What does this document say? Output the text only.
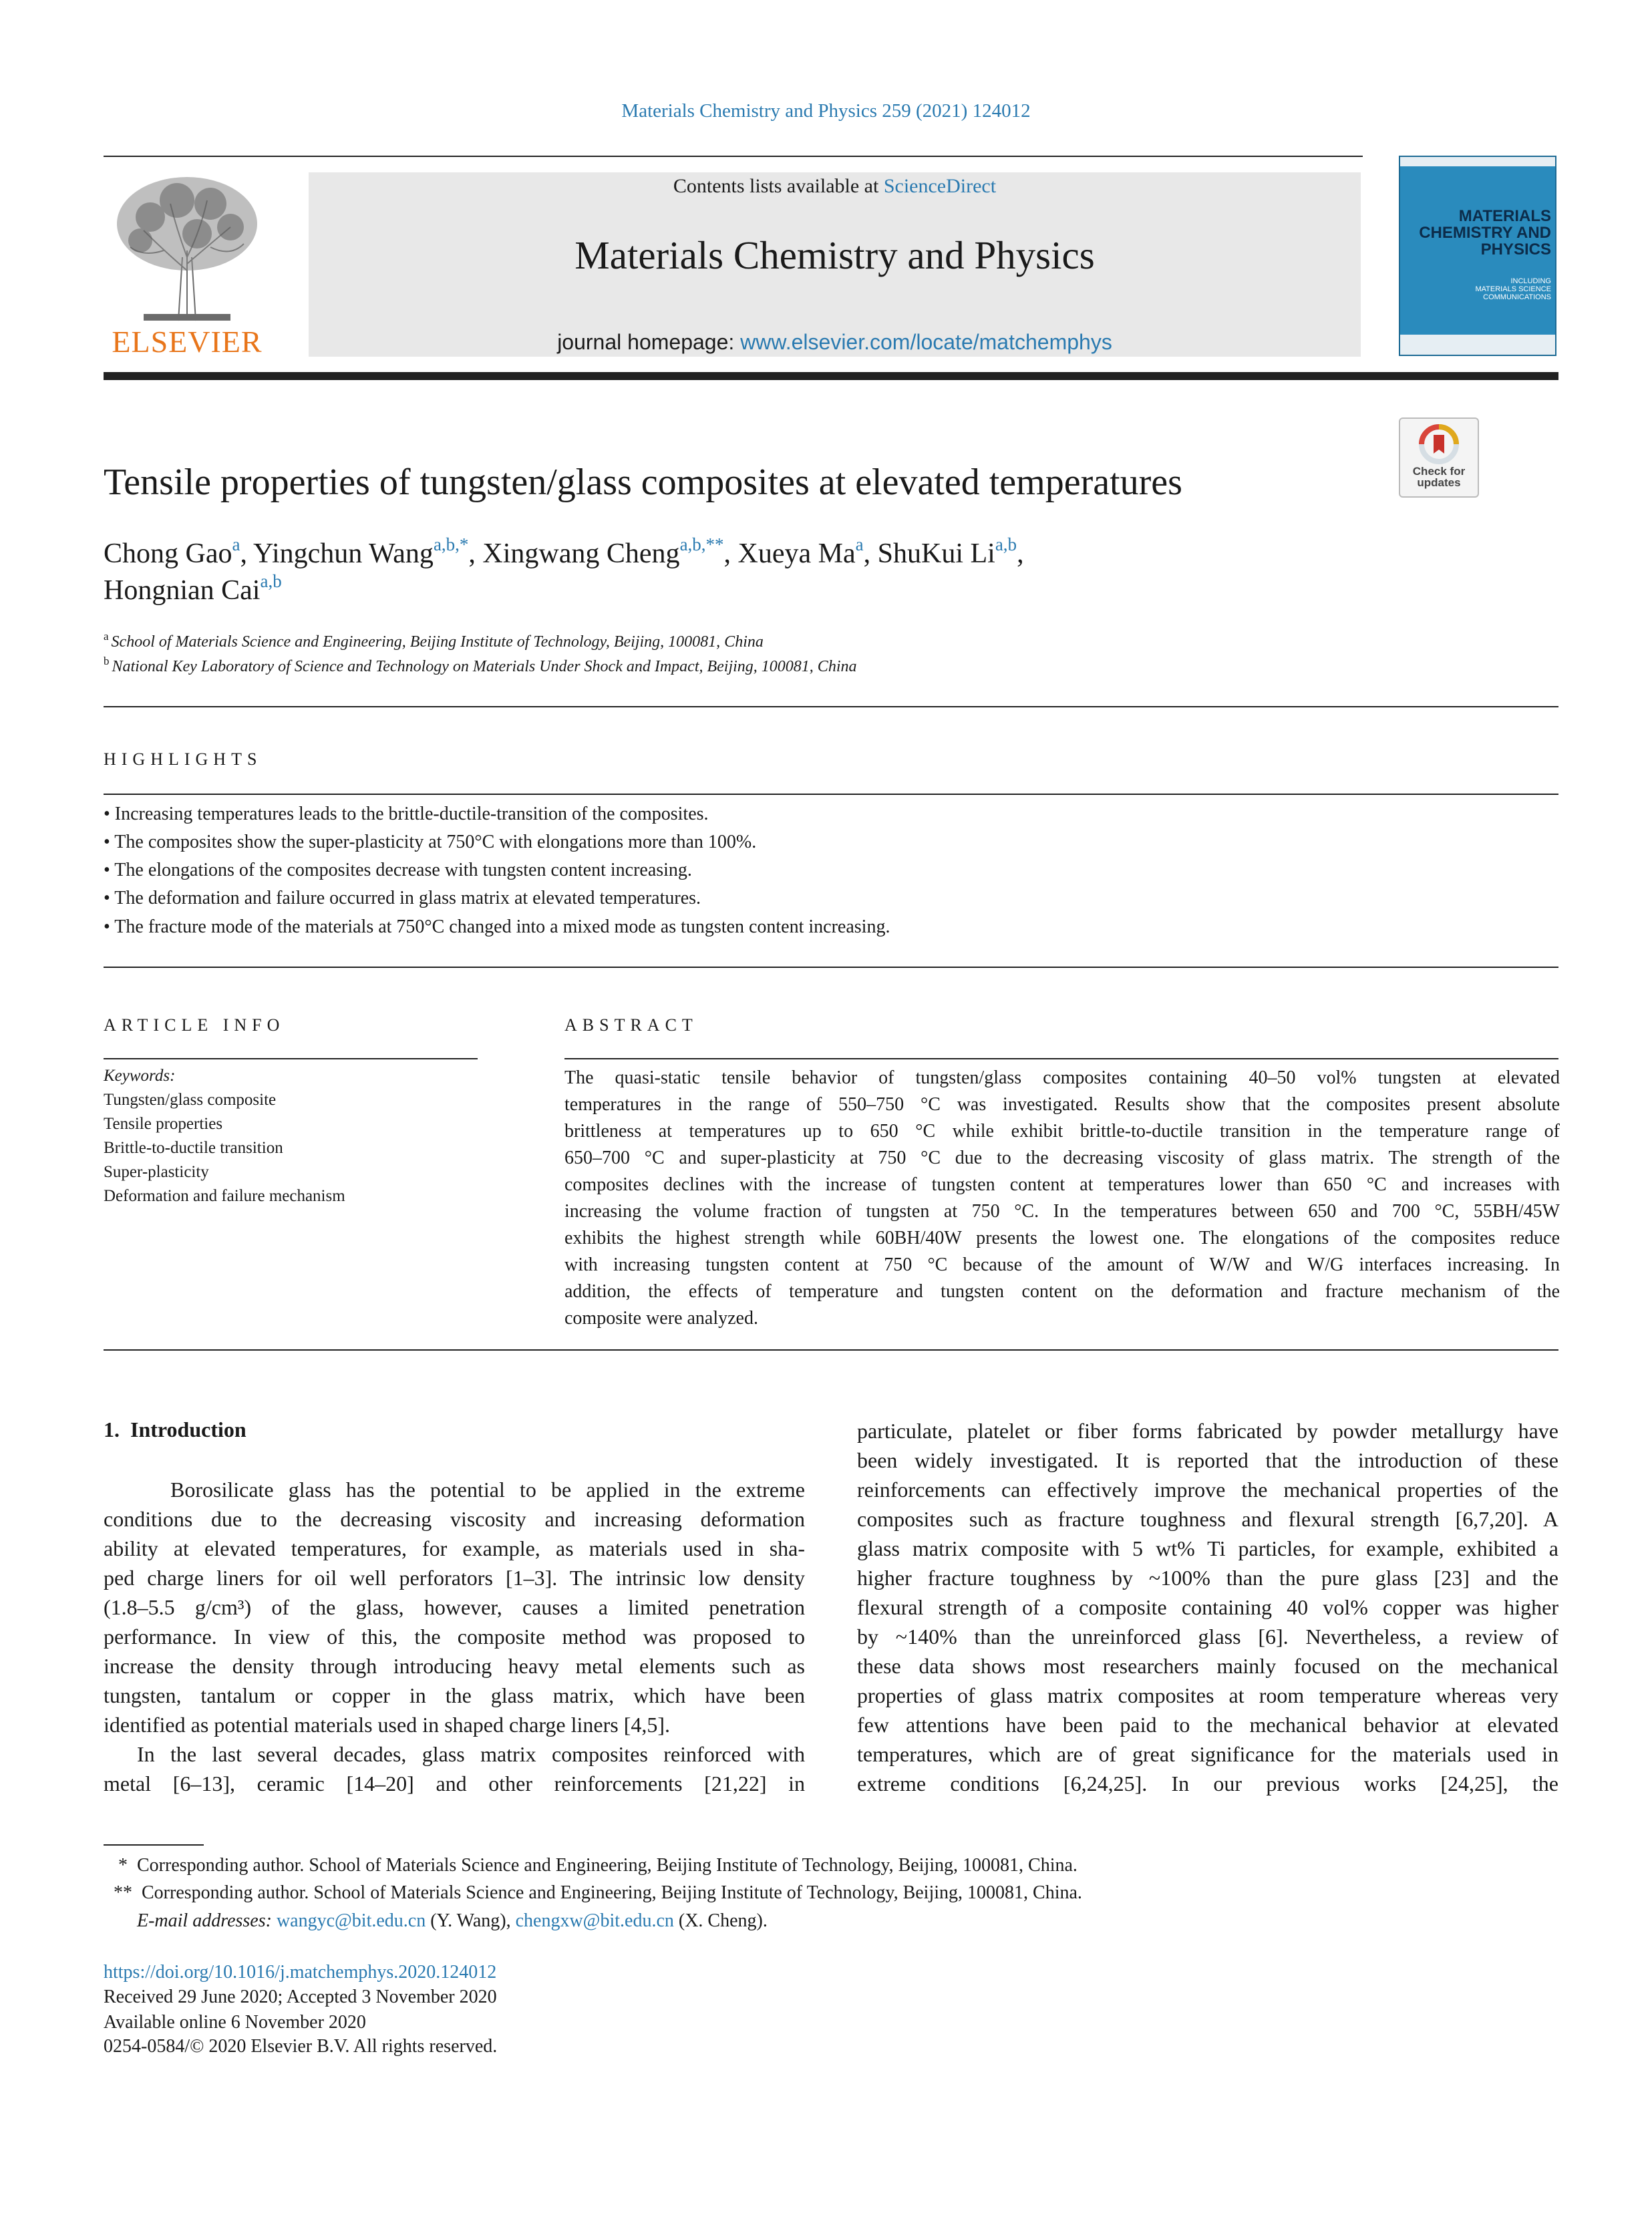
Materials Chemistry and Physics 259 (2021) 124012
ELSEVIER
Contents lists available at ScienceDirect
Materials Chemistry and Physics
journal homepage: www.elsevier.com/locate/matchemphys
MATERIALS CHEMISTRY AND PHYSICS
INCLUDING MATERIALS SCIENCE COMMUNICATIONS
Check for updates
Tensile properties of tungsten/glass composites at elevated temperatures
Chong Gao$^a$, Yingchun Wang$^{a,b,*}$, Xingwang Cheng$^{a,b,**}$, Xueya Ma$^a$, ShuKui Li$^{a,b}$,
Hongnian Cai$^{a,b}$
$^a$ School of Materials Science and Engineering, Beijing Institute of Technology, Beijing, 100081, China
$^b$ National Key Laboratory of Science and Technology on Materials Under Shock and Impact, Beijing, 100081, China
HIGHLIGHTS
• Increasing temperatures leads to the brittle-ductile-transition of the composites.
• The composites show the super-plasticity at 750°C with elongations more than 100%.
• The elongations of the composites decrease with tungsten content increasing.
• The deformation and failure occurred in glass matrix at elevated temperatures.
• The fracture mode of the materials at 750°C changed into a mixed mode as tungsten content increasing.
ARTICLE INFO
Keywords:
Tungsten/glass composite
Tensile properties
Brittle-to-ductile transition
Super-plasticity
Deformation and failure mechanism
ABSTRACT
The quasi-static tensile behavior of tungsten/glass composites containing 40–50 vol% tungsten at elevated
temperatures in the range of 550–750 °C was investigated. Results show that the composites present absolute
brittleness at temperatures up to 650 °C while exhibit brittle-to-ductile transition in the temperature range of
650–700 °C and super-plasticity at 750 °C due to the decreasing viscosity of glass matrix. The strength of the
composites declines with the increase of tungsten content at temperatures lower than 650 °C and increases with
increasing the volume fraction of tungsten at 750 °C. In the temperatures between 650 and 700 °C, 55BH/45W
exhibits the highest strength while 60BH/40W presents the lowest one. The elongations of the composites reduce
with increasing tungsten content at 750 °C because of the amount of W/W and W/G interfaces increasing. In
addition, the effects of temperature and tungsten content on the deformation and fracture mechanism of the
composite were analyzed.
1.  Introduction
Borosilicate glass has the potential to be applied in the extreme
conditions due to the decreasing viscosity and increasing deformation
ability at elevated temperatures, for example, as materials used in sha-
ped charge liners for oil well perforators [1–3]. The intrinsic low density
(1.8–5.5 g/cm³) of the glass, however, causes a limited penetration
performance. In view of this, the composite method was proposed to
increase the density through introducing heavy metal elements such as
tungsten, tantalum or copper in the glass matrix, which have been
identified as potential materials used in shaped charge liners [4,5].
In the last several decades, glass matrix composites reinforced with
metal [6–13], ceramic [14–20] and other reinforcements [21,22] in
particulate, platelet or fiber forms fabricated by powder metallurgy have
been widely investigated. It is reported that the introduction of these
reinforcements can effectively improve the mechanical properties of the
composites such as fracture toughness and flexural strength [6,7,20]. A
glass matrix composite with 5 wt% Ti particles, for example, exhibited a
higher fracture toughness by ~100% than the pure glass [23] and the
flexural strength of a composite containing 40 vol% copper was higher
by ~140% than the unreinforced glass [6]. Nevertheless, a review of
these data shows most researchers mainly focused on the mechanical
properties of glass matrix composites at room temperature whereas very
few attentions have been paid to the mechanical behavior at elevated
temperatures, which are of great significance for the materials used in
extreme conditions [6,24,25]. In our previous works [24,25], the
*  Corresponding author. School of Materials Science and Engineering, Beijing Institute of Technology, Beijing, 100081, China.
**  Corresponding author. School of Materials Science and Engineering, Beijing Institute of Technology, Beijing, 100081, China.
E-mail addresses: wangyc@bit.edu.cn (Y. Wang), chengxw@bit.edu.cn (X. Cheng).
https://doi.org/10.1016/j.matchemphys.2020.124012
Received 29 June 2020; Accepted 3 November 2020
Available online 6 November 2020
0254-0584/© 2020 Elsevier B.V. All rights reserved.
